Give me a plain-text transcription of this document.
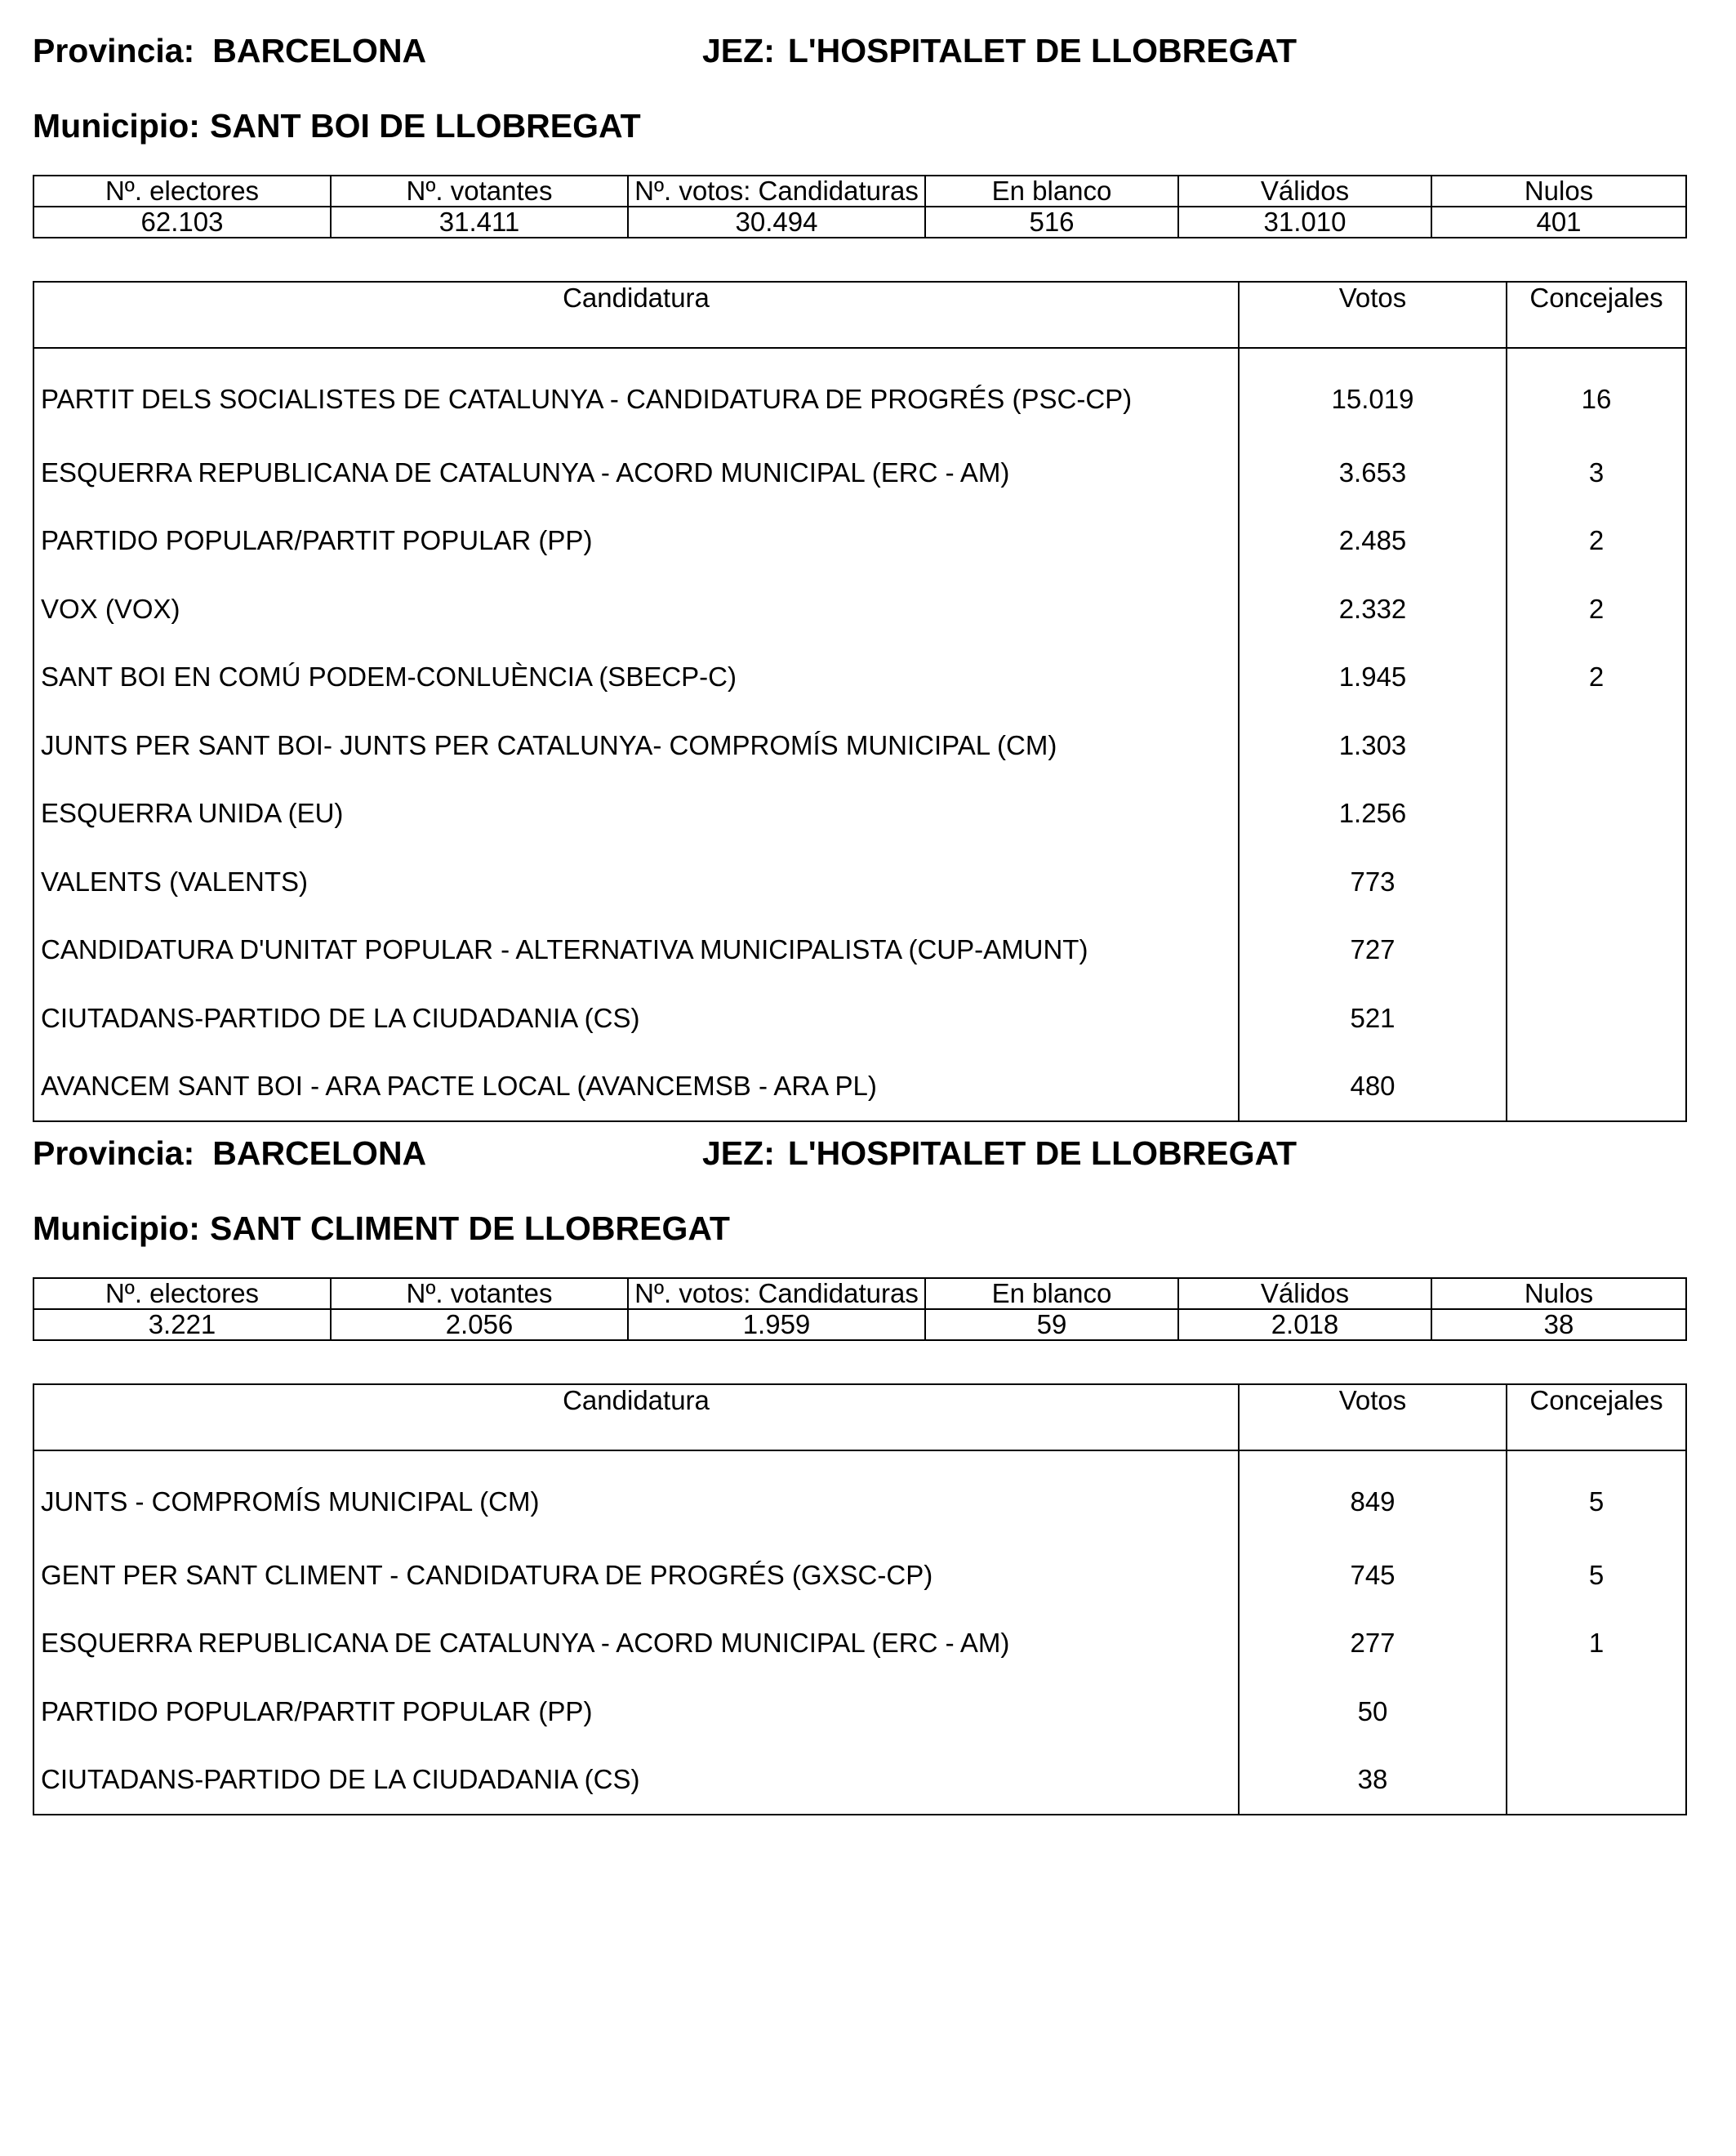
Provincia: BARCELONA	JEZ: L'HOSPITALET DE LLOBREGAT
Municipio: SANT BOI DE LLOBREGAT
Nº. electores	Nº. votantes	Nº. votos: Candidaturas	En blanco	Válidos	Nulos
62.103	31.411	30.494	516	31.010	401
Candidatura	Votos	Concejales
PARTIT DELS SOCIALISTES DE CATALUNYA - CANDIDATURA DE PROGRÉS (PSC-CP)	15.019	16
ESQUERRA REPUBLICANA DE CATALUNYA - ACORD MUNICIPAL (ERC - AM)	3.653	3
PARTIDO POPULAR/PARTIT POPULAR (PP)	2.485	2
VOX (VOX)	2.332	2
SANT BOI EN COMÚ PODEM-CONLUÈNCIA (SBECP-C)	1.945	2
JUNTS PER SANT BOI- JUNTS PER CATALUNYA- COMPROMÍS MUNICIPAL (CM)	1.303	
ESQUERRA UNIDA (EU)	1.256	
VALENTS (VALENTS)	773	
CANDIDATURA D'UNITAT POPULAR - ALTERNATIVA MUNICIPALISTA (CUP-AMUNT)	727	
CIUTADANS-PARTIDO DE LA CIUDADANIA (CS)	521	
AVANCEM SANT BOI - ARA PACTE LOCAL (AVANCEMSB - ARA PL)	480	
Provincia: BARCELONA	JEZ: L'HOSPITALET DE LLOBREGAT
Municipio: SANT CLIMENT DE LLOBREGAT
Nº. electores	Nº. votantes	Nº. votos: Candidaturas	En blanco	Válidos	Nulos
3.221	2.056	1.959	59	2.018	38
Candidatura	Votos	Concejales
JUNTS - COMPROMÍS MUNICIPAL (CM)	849	5
GENT PER SANT CLIMENT - CANDIDATURA DE PROGRÉS (GXSC-CP)	745	5
ESQUERRA REPUBLICANA DE CATALUNYA - ACORD MUNICIPAL (ERC - AM)	277	1
PARTIDO POPULAR/PARTIT POPULAR (PP)	50	
CIUTADANS-PARTIDO DE LA CIUDADANIA (CS)	38	
